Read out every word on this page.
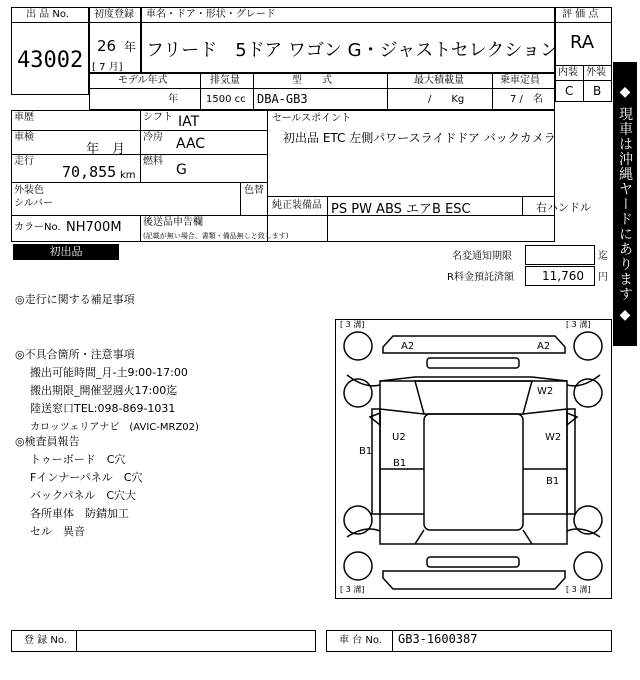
出 品 No.
43002
初度登録
26 年
[ 7 月]
車名・ドア・形状・グレード
フリード　5ドア ワゴン G・ジャストセレクション
評 価 点
RA
内装 外装
C B
モデル年式
年
排気量
1500 cc
型　　式
DBA-GB3
最大積載量
/　　Kg
乗車定員
7 /　名
車歴
車検
年　月
走行
70,855 km
シフト IAT
冷房 AAC
燃料
G
セールスポイント
初出品 ETC 左側パワースライドドア バックカメラ
外装色
シルバー
色替
純正装備品 PS PW ABS エアB ESC	右ハンドル
カラーNo. NH700M 後送品申告欄
(記載が無い場合、書類・備品無しと致します)
初出品	名変通知期限	迄
R料金預託済額 11,760 円 ◆ 現車は沖縄ヤードにあります ◆
◎走行に関する補足事項
◎不具合箇所・注意事項
搬出可能時間_月-土9:00-17:00
搬出期限_開催翌週火17:00迄
陸送窓口TEL:098-869-1031
カロッツェリアナビ　(AVIC-MRZ02)
◎検査員報告
トゥーボード　C穴
Fインナーパネル　C穴
バックパネル　C穴大
各所車体　防錆加工
セル　異音
[ 3 溝]	[ 3 溝]
[ 3 溝]	[ 3 溝]
A2	A2
W2
U2	W2
B1
B1
B1
登 録 No.	車 台 No. GB3-1600387
